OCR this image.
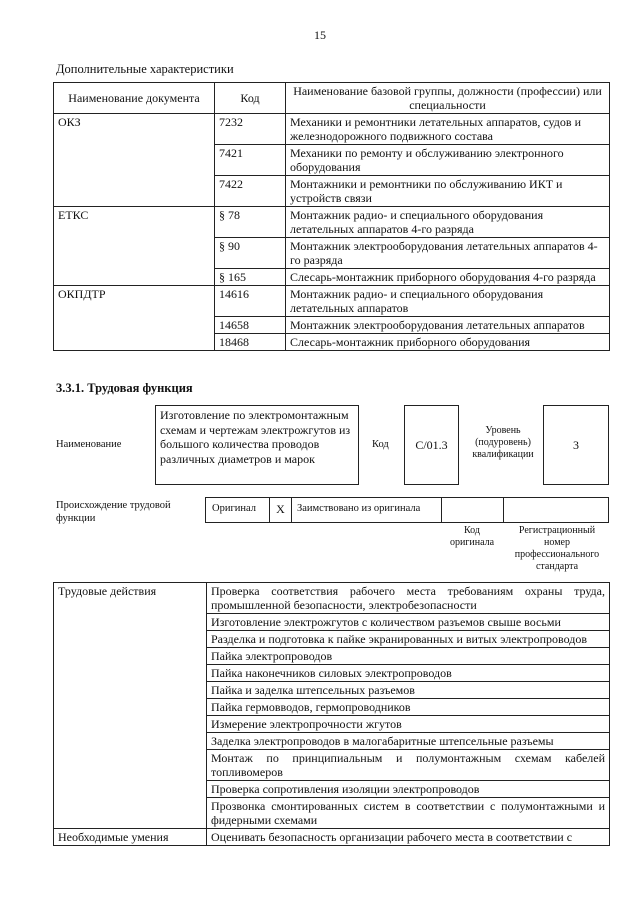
15
Дополнительные характеристики
Наименование документа	Код	Наименование базовой группы, должности (профессии) или специальности
ОКЗ	7232	Механики и ремонтники летательных аппаратов, судов и железнодорожного подвижного состава
	7421	Механики по ремонту и обслуживанию электронного оборудования
	7422	Монтажники и ремонтники по обслуживанию ИКТ и устройств связи
ЕТКС	§ 78	Монтажник радио- и специального оборудования летательных аппаратов 4-го разряда
	§ 90	Монтажник электрооборудования летательных аппаратов 4-го разряда
	§ 165	Слесарь-монтажник приборного оборудования 4-го разряда
ОКПДТР	14616	Монтажник радио- и специального оборудования летательных аппаратов
	14658	Монтажник электрооборудования летательных аппаратов
	18468	Слесарь-монтажник приборного оборудования
3.3.1. Трудовая функция
Наименование
Изготовление по электромонтажным схемам и чертежам электрожгутов из большого количества проводов различных диаметров и марок
Код	С/01.3
Уровень (подуровень) квалификации
3
Происхождение трудовой функции
Оригинал	X	Заимствовано из оригинала
Код оригинала
Регистрационный номер профессионального стандарта
Трудовые действия	Проверка соответствия рабочего места требованиям охраны труда, промышленной безопасности, электробезопасности
	Изготовление электрожгутов с количеством разъемов свыше восьми
	Разделка и подготовка к пайке экранированных и витых электропроводов
	Пайка электропроводов
	Пайка наконечников силовых электропроводов
	Пайка и заделка штепсельных разъемов
	Пайка гермовводов, гермопроводников
	Измерение электропрочности жгутов
	Заделка электропроводов в малогабаритные штепсельные разъемы
	Монтаж по принципиальным и полумонтажным схемам кабелей топливомеров
	Проверка сопротивления изоляции электропроводов
	Прозвонка смонтированных систем в соответствии с полумонтажными и фидерными схемами
Необходимые умения	Оценивать безопасность организации рабочего места в соответствии с
